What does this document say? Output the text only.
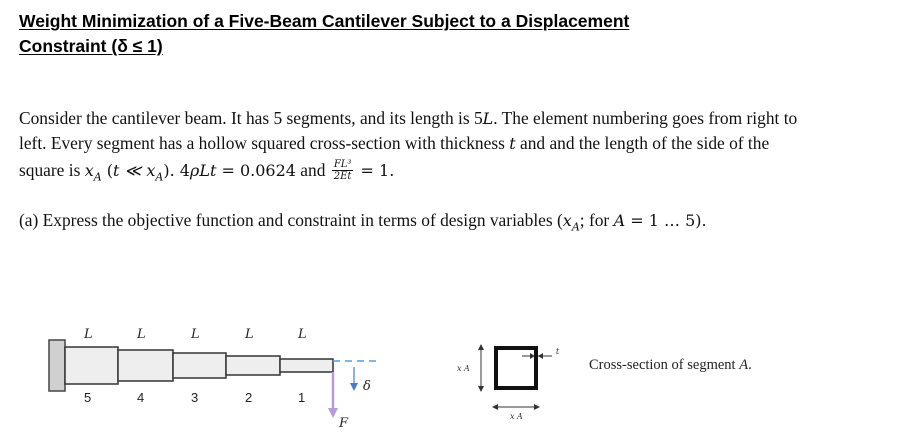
Weight Minimization of a Five-Beam Cantilever Subject to a Displacement
Constraint (δ ≤ 1)
Consider the cantilever beam. It has 5 segments, and its length is 5L. The element numbering goes from right to
left. Every segment has a hollow squared cross-section with thickness t and and the length of the side of the
square is $x_A$ (t ≪ $x_A$). 4ρLt = 0.0624 and $\frac{\text{FL³}}{2Et} = 1$.
(a) Express the objective function and constraint in terms of design variables ($x_A$; for A = 1 … 5).
L	L	L	L	L
5	4	3	2	1
δ
F
x A
x A
t
Cross-section of segment A.
